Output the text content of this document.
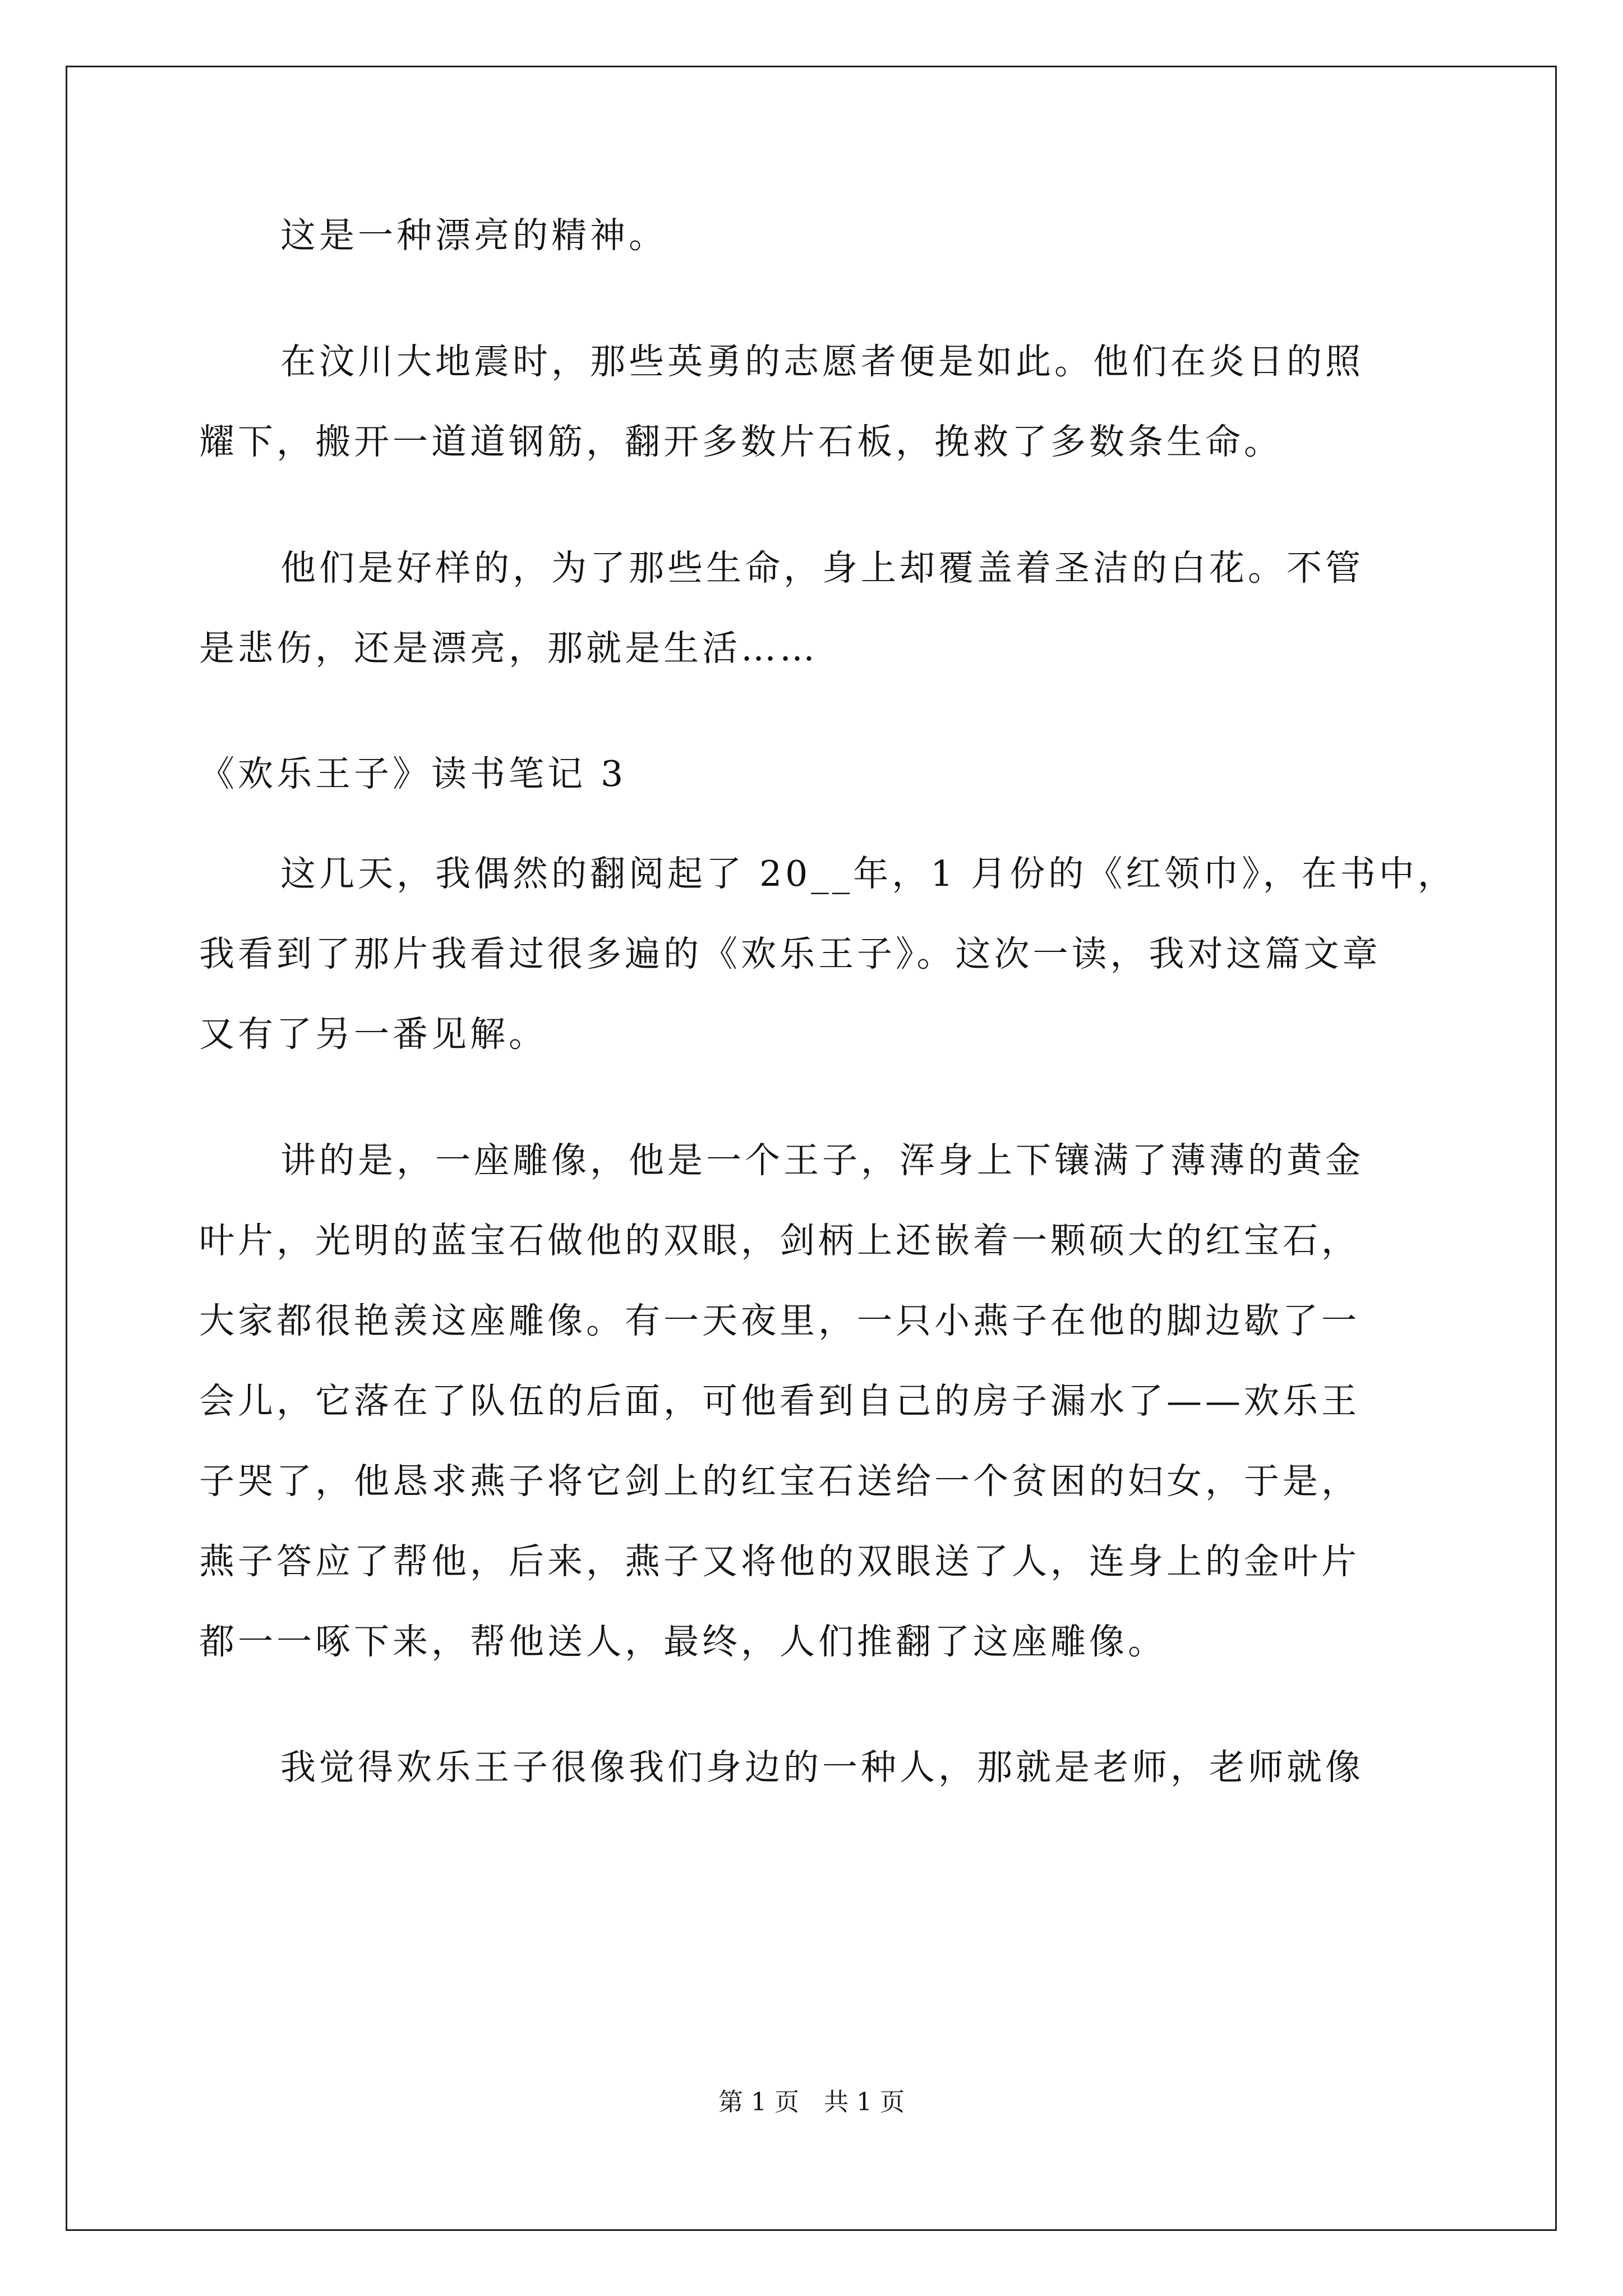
这是一种漂亮的精神。
在汶川大地震时，那些英勇的志愿者便是如此。他们在炎日的照
耀下，搬开一道道钢筋，翻开多数片石板，挽救了多数条生命。
他们是好样的，为了那些生命，身上却覆盖着圣洁的白花。不管
是悲伤，还是漂亮，那就是生活……
《欢乐王子》读书笔记 3
这几天，我偶然的翻阅起了 20__年，1 月份的《红领巾》，在书中，
我看到了那片我看过很多遍的《欢乐王子》。这次一读，我对这篇文章
又有了另一番见解。
讲的是，一座雕像，他是一个王子，浑身上下镶满了薄薄的黄金
叶片，光明的蓝宝石做他的双眼，剑柄上还嵌着一颗硕大的红宝石，
大家都很艳羡这座雕像。有一天夜里，一只小燕子在他的脚边歇了一
会儿，它落在了队伍的后面，可他看到自己的房子漏水了——欢乐王
子哭了，他恳求燕子将它剑上的红宝石送给一个贫困的妇女，于是，
燕子答应了帮他，后来，燕子又将他的双眼送了人，连身上的金叶片
都一一啄下来，帮他送人，最终，人们推翻了这座雕像。
我觉得欢乐王子很像我们身边的一种人，那就是老师，老师就像
第 1 页　共 1 页
